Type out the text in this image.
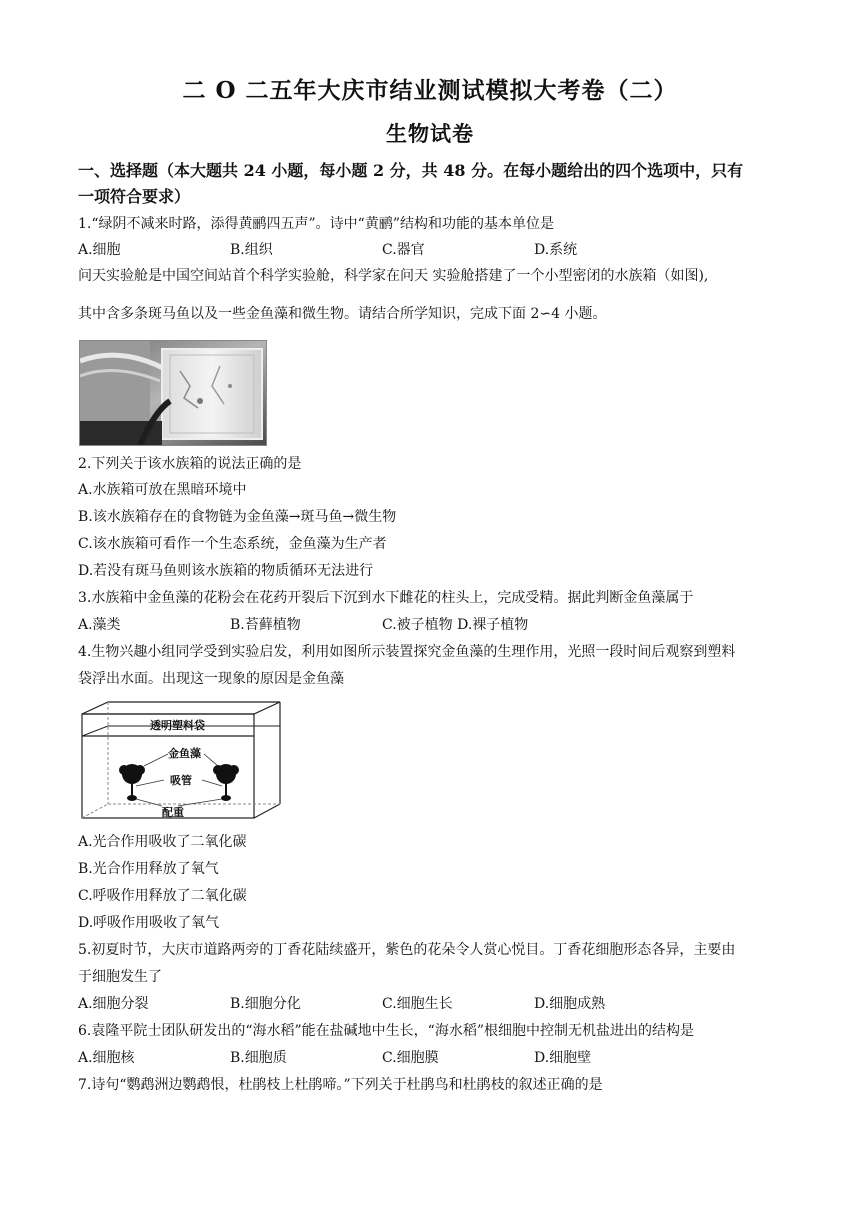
二 O 二五年大庆市结业测试模拟大考卷（二）
生物试卷
一、选择题（本大题共 24 小题，每小题 2 分，共 48 分。在每小题给出的四个选项中，只有
一项符合要求）
1.“绿阴不减来时路，添得黄鹂四五声”。诗中“黄鹂”结构和功能的基本单位是
A.细胞	B.组织	C.器官	D.系统
问天实验舱是中国空间站首个科学实验舱，科学家在问天 实验舱搭建了一个小型密闭的水族箱（如图),
其中含多条斑马鱼以及一些金鱼藻和微生物。请结合所学知识，完成下面 2∽4 小题。
2.下列关于该水族箱的说法正确的是
A.水族箱可放在黑暗环境中
B.该水族箱存在的食物链为金鱼藻→斑马鱼→微生物
C.该水族箱可看作一个生态系统，金鱼藻为生产者
D.若没有斑马鱼则该水族箱的物质循环无法进行
3.水族箱中金鱼藻的花粉会在花药开裂后下沉到水下雌花的柱头上，完成受精。据此判断金鱼藻属于
A.藻类	B.苔藓植物	C.被子植物 D.裸子植物
4.生物兴趣小组同学受到实验启发，利用如图所示装置探究金鱼藻的生理作用，光照一段时间后观察到塑料
袋浮出水面。出现这一现象的原因是金鱼藻
透明塑料袋
金鱼藻
吸管
配重
A.光合作用吸收了二氧化碳
B.光合作用释放了氧气
C.呼吸作用释放了二氧化碳
D.呼吸作用吸收了氧气
5.初夏时节，大庆市道路两旁的丁香花陆续盛开，紫色的花朵令人赏心悦目。丁香花细胞形态各异，主要由
于细胞发生了
A.细胞分裂	B.细胞分化	C.细胞生长	D.细胞成熟
6.袁隆平院士团队研发出的“海水稻”能在盐碱地中生长，“海水稻”根细胞中控制无机盐进出的结构是
A.细胞核	B.细胞质	C.细胞膜	D.细胞壁
7.诗句“鹦鹉洲边鹦鹉恨，杜鹃枝上杜鹃啼。”下列关于杜鹃鸟和杜鹃枝的叙述正确的是
